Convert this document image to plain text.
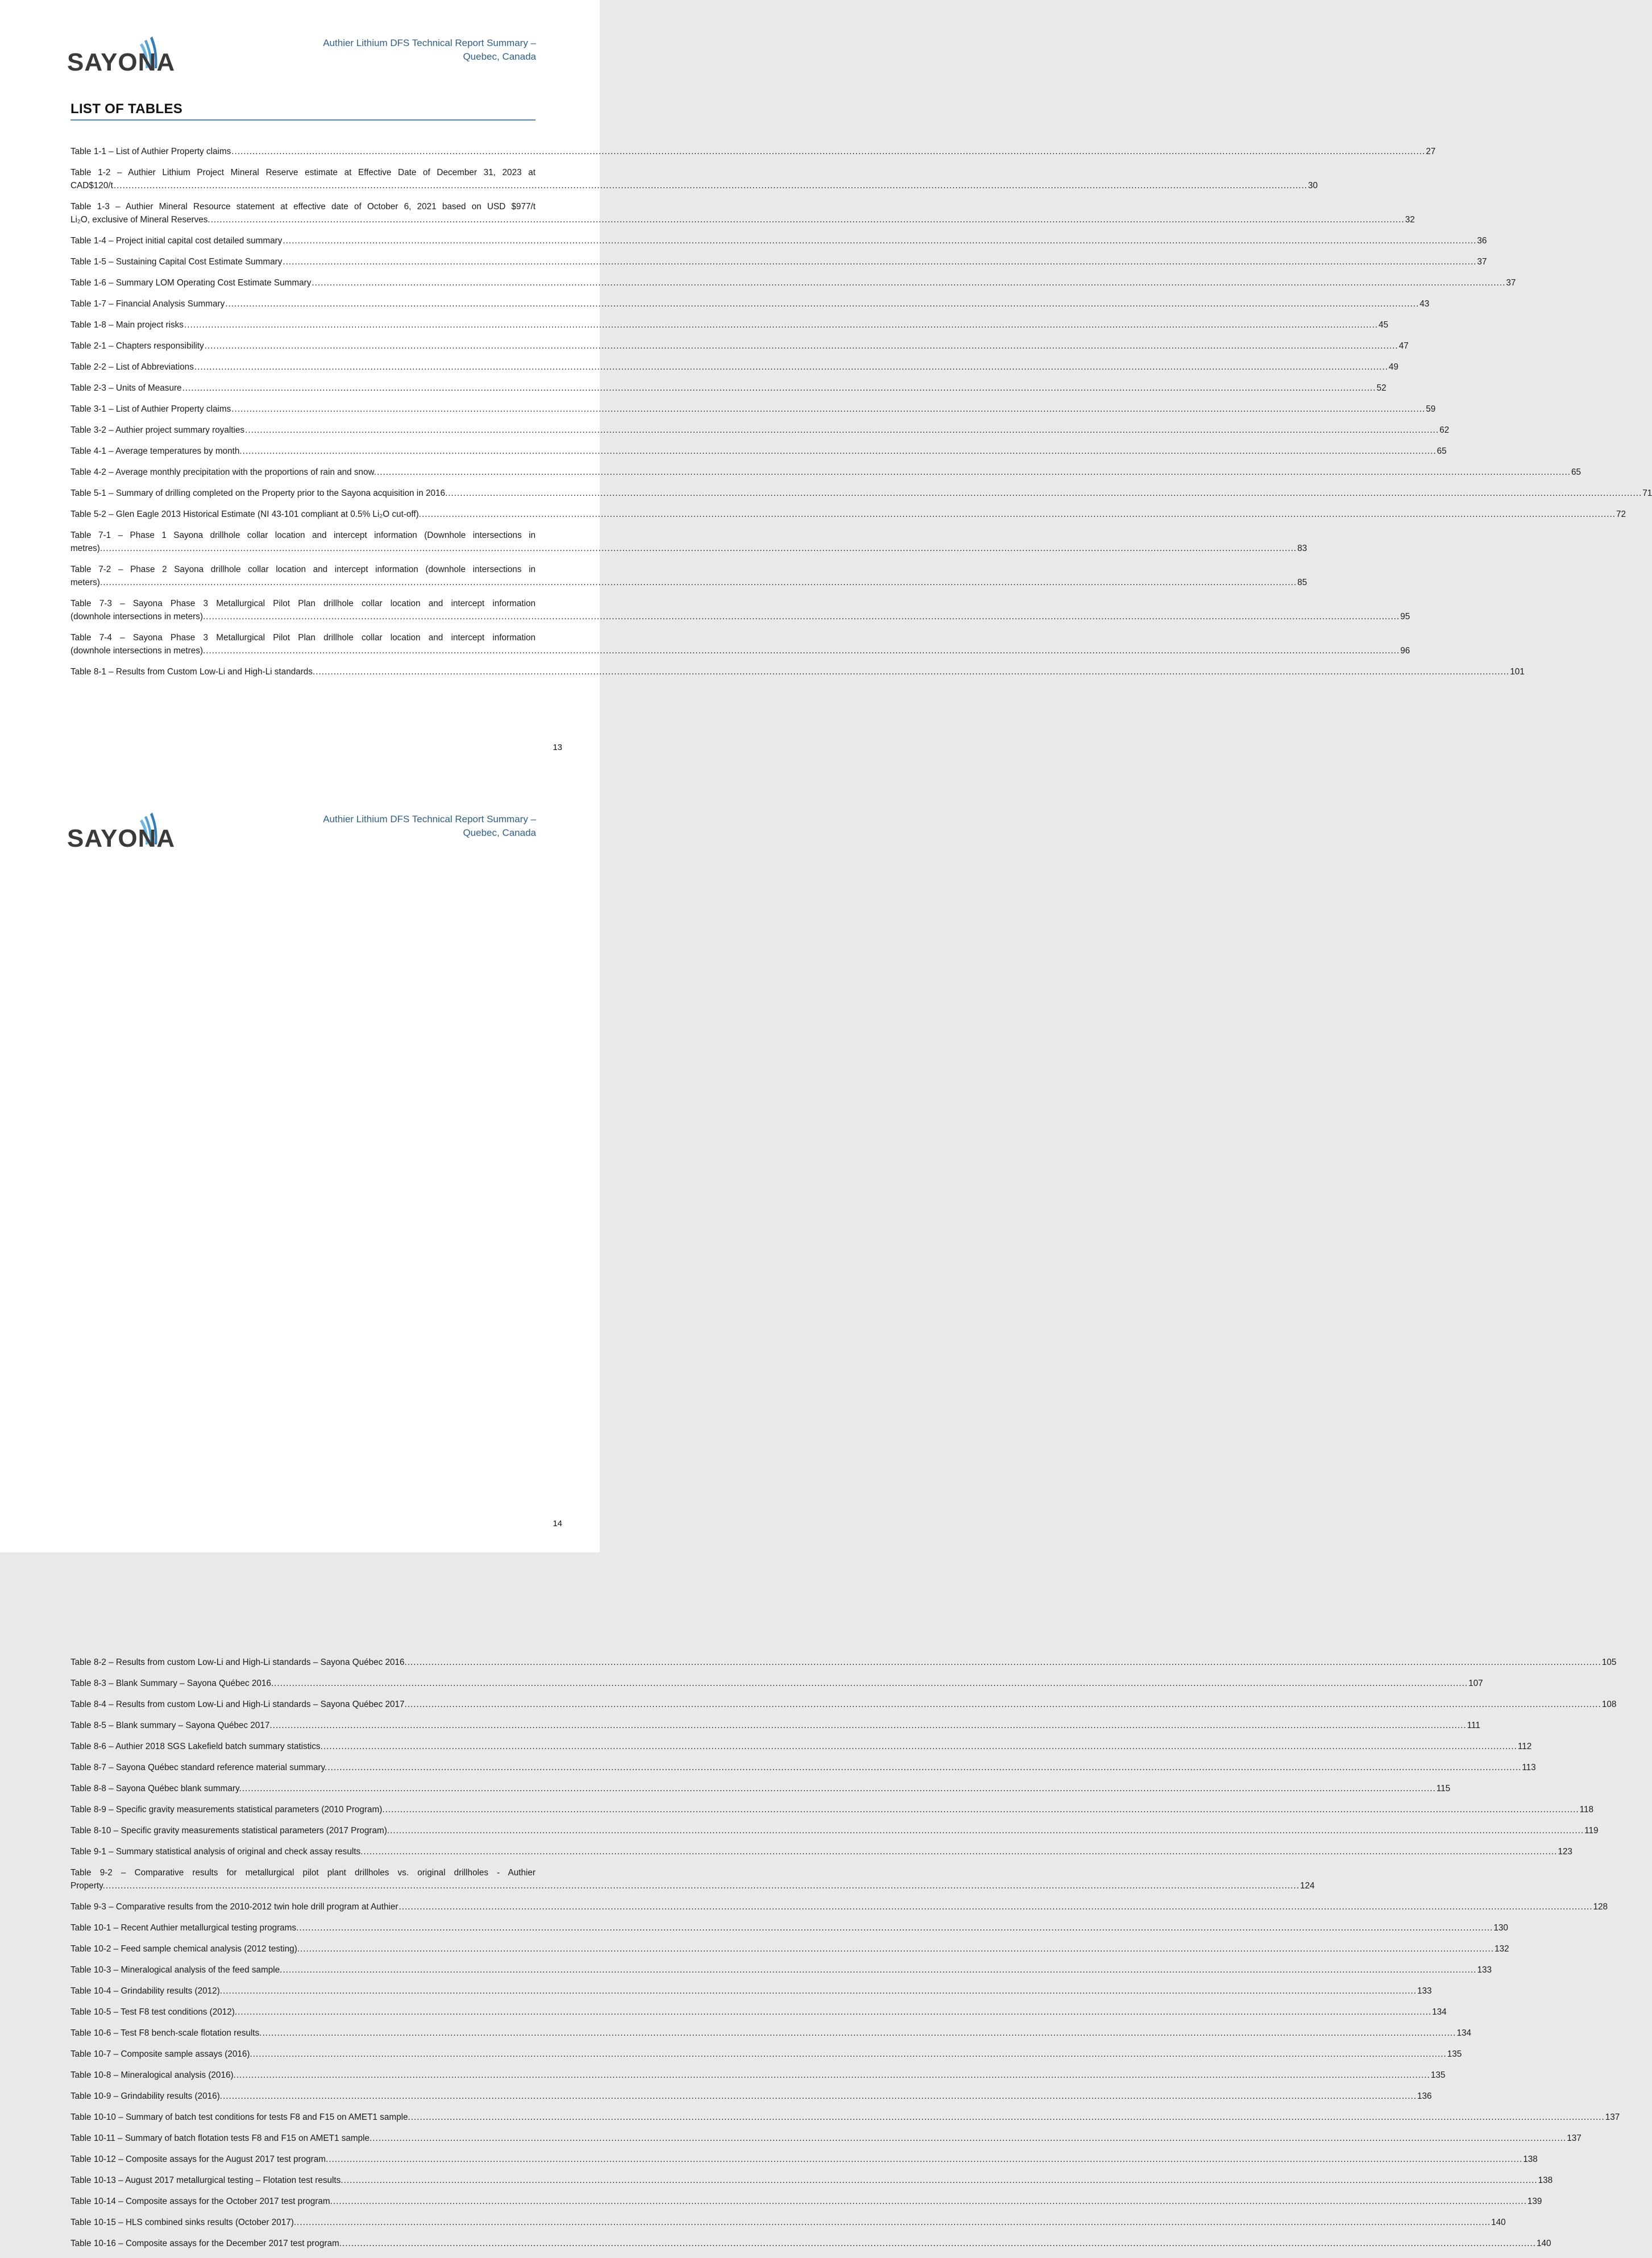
SAYONA
Authier Lithium DFS Technical Report Summary – Quebec, Canada
LIST OF TABLES
Table 1-1 – List of Authier Property claims ................................................................................................................................................................................................................................................................................................................................................................................................................ 27
Table 1-2 – Authier Lithium Project Mineral Reserve estimate at Effective Date of December 31, 2023 at
CAD$120/t ................................................................................................................................................................................................................................................................................................................................................................................................................ 30
Table 1-3 – Authier Mineral Resource statement at effective date of October 6, 2021 based on USD $977/t
Li₂O, exclusive of Mineral Reserves. ................................................................................................................................................................................................................................................................................................................................................................................................................ 32
Table 1-4 – Project initial capital cost detailed summary ................................................................................................................................................................................................................................................................................................................................................................................................................ 36
Table 1-5 – Sustaining Capital Cost Estimate Summary ................................................................................................................................................................................................................................................................................................................................................................................................................ 37
Table 1-6 – Summary LOM Operating Cost Estimate Summary ................................................................................................................................................................................................................................................................................................................................................................................................................ 37
Table 1-7 – Financial Analysis Summary ................................................................................................................................................................................................................................................................................................................................................................................................................ 43
Table 1-8 – Main project risks ................................................................................................................................................................................................................................................................................................................................................................................................................ 45
Table 2-1 – Chapters responsibility ................................................................................................................................................................................................................................................................................................................................................................................................................ 47
Table 2-2 – List of Abbreviations ................................................................................................................................................................................................................................................................................................................................................................................................................ 49
Table 2-3 – Units of Measure ................................................................................................................................................................................................................................................................................................................................................................................................................ 52
Table 3-1 – List of Authier Property claims ................................................................................................................................................................................................................................................................................................................................................................................................................ 59
Table 3-2 – Authier project summary royalties ................................................................................................................................................................................................................................................................................................................................................................................................................ 62
Table 4-1 – Average temperatures by month. ................................................................................................................................................................................................................................................................................................................................................................................................................ 65
Table 4-2 – Average monthly precipitation with the proportions of rain and snow. ................................................................................................................................................................................................................................................................................................................................................................................................................ 65
Table 5-1 – Summary of drilling completed on the Property prior to the Sayona acquisition in 2016. ................................................................................................................................................................................................................................................................................................................................................................................................................ 71
Table 5-2 – Glen Eagle 2013 Historical Estimate (NI 43-101 compliant at 0.5% Li₂O cut-off). ................................................................................................................................................................................................................................................................................................................................................................................................................ 72
Table 7-1 – Phase 1 Sayona drillhole collar location and intercept information (Downhole intersections in
metres). ................................................................................................................................................................................................................................................................................................................................................................................................................ 83
Table 7-2 – Phase 2 Sayona drillhole collar location and intercept information (downhole intersections in
meters). ................................................................................................................................................................................................................................................................................................................................................................................................................ 85
Table 7-3 – Sayona Phase 3 Metallurgical Pilot Plan drillhole collar location and intercept information
(downhole intersections in meters). ................................................................................................................................................................................................................................................................................................................................................................................................................ 95
Table 7-4 – Sayona Phase 3 Metallurgical Pilot Plan drillhole collar location and intercept information
(downhole intersections in metres). ................................................................................................................................................................................................................................................................................................................................................................................................................ 96
Table 8-1 – Results from Custom Low-Li and High-Li standards. ................................................................................................................................................................................................................................................................................................................................................................................................................ 101
13
SAYONA
Authier Lithium DFS Technical Report Summary – Quebec, Canada
Table 8-2 – Results from custom Low-Li and High-Li standards – Sayona Québec 2016. ................................................................................................................................................................................................................................................................................................................................................................................................................ 105
Table 8-3 – Blank Summary – Sayona Québec 2016. ................................................................................................................................................................................................................................................................................................................................................................................................................ 107
Table 8-4 – Results from custom Low-Li and High-Li standards – Sayona Québec 2017. ................................................................................................................................................................................................................................................................................................................................................................................................................ 108
Table 8-5 – Blank summary – Sayona Québec 2017. ................................................................................................................................................................................................................................................................................................................................................................................................................ 111
Table 8-6 – Authier 2018 SGS Lakefield batch summary statistics. ................................................................................................................................................................................................................................................................................................................................................................................................................ 112
Table 8-7 – Sayona Québec standard reference material summary. ................................................................................................................................................................................................................................................................................................................................................................................................................ 113
Table 8-8 – Sayona Québec blank summary. ................................................................................................................................................................................................................................................................................................................................................................................................................ 115
Table 8-9 – Specific gravity measurements statistical parameters (2010 Program). ................................................................................................................................................................................................................................................................................................................................................................................................................ 118
Table 8-10 – Specific gravity measurements statistical parameters (2017 Program). ................................................................................................................................................................................................................................................................................................................................................................................................................ 119
Table 9-1 – Summary statistical analysis of original and check assay results. ................................................................................................................................................................................................................................................................................................................................................................................................................ 123
Table 9-2 – Comparative results for metallurgical pilot plant drillholes vs. original drillholes - Authier
Property. ................................................................................................................................................................................................................................................................................................................................................................................................................ 124
Table 9-3 – Comparative results from the 2010-2012 twin hole drill program at Authier ................................................................................................................................................................................................................................................................................................................................................................................................................ 128
Table 10-1 – Recent Authier metallurgical testing programs. ................................................................................................................................................................................................................................................................................................................................................................................................................ 130
Table 10-2 – Feed sample chemical analysis (2012 testing). ................................................................................................................................................................................................................................................................................................................................................................................................................ 132
Table 10-3 – Mineralogical analysis of the feed sample. ................................................................................................................................................................................................................................................................................................................................................................................................................ 133
Table 10-4 – Grindability results (2012). ................................................................................................................................................................................................................................................................................................................................................................................................................ 133
Table 10-5 – Test F8 test conditions (2012). ................................................................................................................................................................................................................................................................................................................................................................................................................ 134
Table 10-6 – Test F8 bench-scale flotation results. ................................................................................................................................................................................................................................................................................................................................................................................................................ 134
Table 10-7 – Composite sample assays (2016). ................................................................................................................................................................................................................................................................................................................................................................................................................ 135
Table 10-8 – Mineralogical analysis (2016). ................................................................................................................................................................................................................................................................................................................................................................................................................ 135
Table 10-9 – Grindability results (2016). ................................................................................................................................................................................................................................................................................................................................................................................................................ 136
Table 10-10 – Summary of batch test conditions for tests F8 and F15 on AMET1 sample. ................................................................................................................................................................................................................................................................................................................................................................................................................ 137
Table 10-11 – Summary of batch flotation tests F8 and F15 on AMET1 sample. ................................................................................................................................................................................................................................................................................................................................................................................................................ 137
Table 10-12 – Composite assays for the August 2017 test program. ................................................................................................................................................................................................................................................................................................................................................................................................................ 138
Table 10-13 – August 2017 metallurgical testing – Flotation test results. ................................................................................................................................................................................................................................................................................................................................................................................................................ 138
Table 10-14 – Composite assays for the October 2017 test program. ................................................................................................................................................................................................................................................................................................................................................................................................................ 139
Table 10-15 – HLS combined sinks results (October 2017). ................................................................................................................................................................................................................................................................................................................................................................................................................ 140
Table 10-16 – Composite assays for the December 2017 test program. ................................................................................................................................................................................................................................................................................................................................................................................................................ 140
14
